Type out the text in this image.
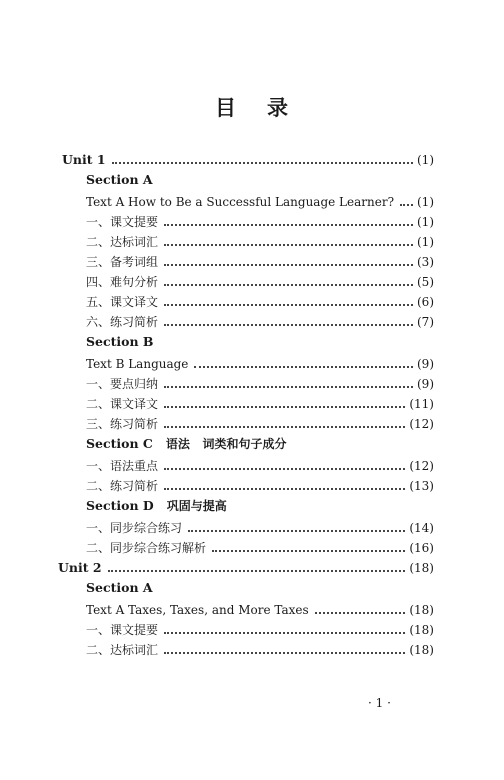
目 录
Unit 1	(1)
Section A
Text A How to Be a Successful Language Learner? (1)
一、课文提要	(1)
二、达标词汇	(1)
三、备考词组	(3)
四、难句分析	(5)
五、课文译文	(6)
六、练习简析	(7)
Section B
Text B Language	(9)
一、要点归纳	(9)
二、课文译文	(11)
三、练习简析	(12)
Section C 语法   词类和句子成分
一、语法重点	(12)
二、练习简析	(13)
Section D 巩固与提高
一、同步综合练习	(14)
二、同步综合练习解析	(16)
Unit 2	(18)
Section A
Text A Taxes, Taxes, and More Taxes	(18)
一、课文提要	(18)
二、达标词汇	(18)
· 1 ·
